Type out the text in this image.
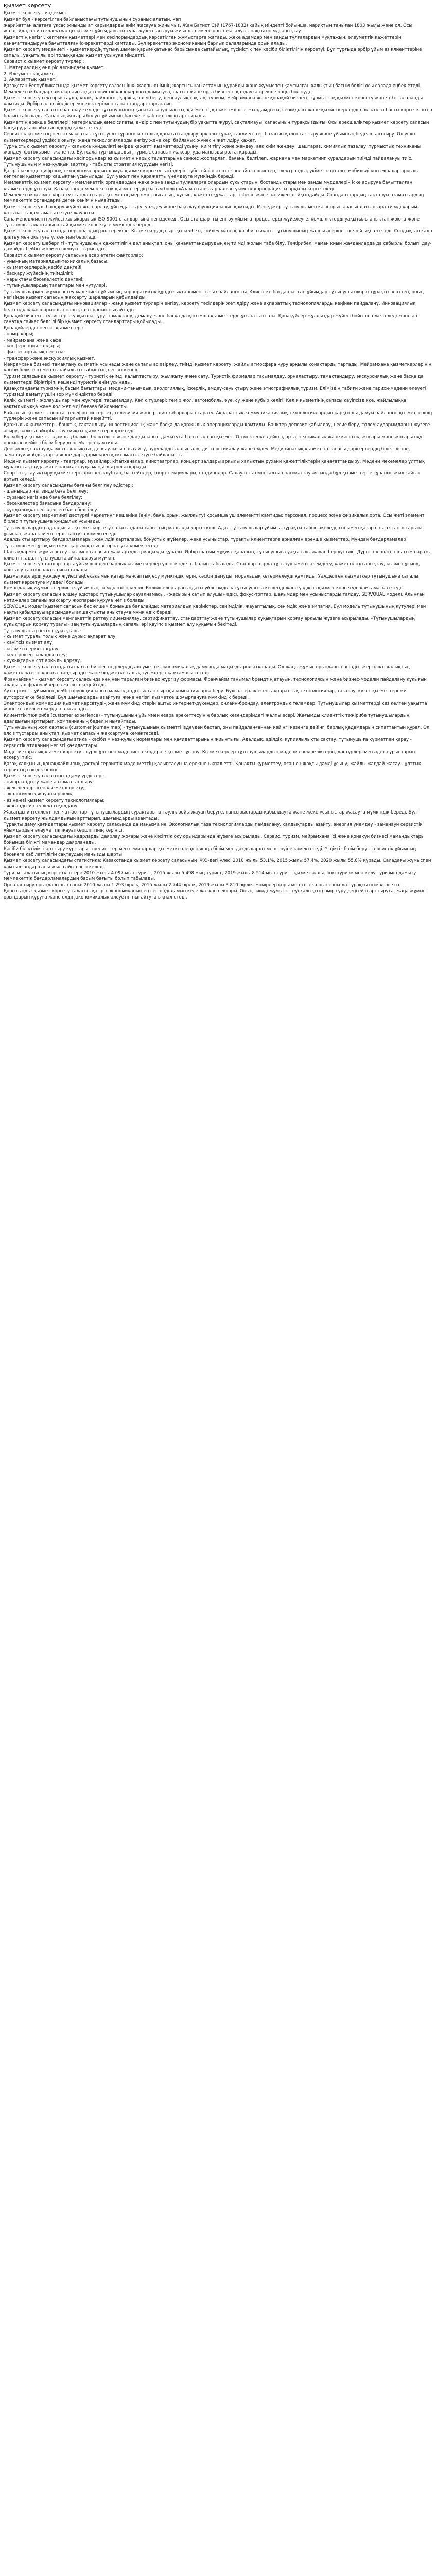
қызмет көрсету

Қызмет көрсету - индекмет

Қызмет бул - көрсетілген байланыстағы тұтынушының сұраныс алатын, көп

жарийаттан алатаға ұқсас жиынды ат карымдарды өнім жасауға жинымыз. Жан Батист Сэй (1767-1832) кайық міндетті бойынша, нарихтың таныған 1803 жылы және ол, Осы жағдайда, ол интеллектуалды қызмет ұйымдарыны тура жүзеге асыруы жиында немесе оның жасалуы - нақты өнімді анықтау.

Қызметтің негізгі, көптеген қызметтері мен кәсіпорындардың көрсетілген жұмыстарға жатады, жеке адамдар мен заңды тұлғалардың мұқтажын, әлеуметтік қажеттерін қанағаттандыруға бағытталған іс-әрекеттерді қамтиды. Бұл әрекеттер экономиканың барлық салаларында орын алады.

Қызмет көрсету мәдениеті - қызметкердің тұтынушымен қарым-қатынас барысында сыпайылық, түсіністік пен кәсіби біліктілігін көрсетуі. Бұл тұрғыда әрбір ұйым өз клиенттеріне сапалы, уақытылы әрі толыққанды қызмет ұсынуға міндетті.

Сервистік қызмет көрсету түрлері:

1. Материалдық өндіріс аясындағы қызмет.

2. Әлеуметтік қызмет.

3. Ақпараттық қызмет.

Қазақстан Республикасында қызмет көрсету саласы ішкі жалпы өнімнің жартысынан астамын құрайды және жұмыспен қамтылған халықтың басым бөлігі осы салада еңбек етеді. Мемлекеттік бағдарламалар аясында сервистік кәсіпкерлікті дамытуға, шағын және орта бизнесті қолдауға ерекше көңіл бөлінуде.

Қызмет көрсету секторы: сауда, көлік, байланыс, қаржы, білім беру, денсаулық сақтау, туризм, мейрамхана және қонақүй бизнесі, тұрмыстық қызмет көрсету және т.б. салаларды қамтиды. Әрбір сала өзіндік ерекшеліктері мен сапа стандарттарына ие.

Қызмет көрсету сапасын бағалау кезінде тұтынушының қанағаттанушылығы, қызметтің қолжетімділігі, жылдамдығы, сенімділігі және қызметкерлердің біліктілігі басты көрсеткіштер болып табылады. Сапаның жоғары болуы ұйымның бәсекеге қабілеттілігін арттырады.

Қызметтің ерекше белгілері: материалдық емес сипаты, өндіріс пен тұтынудың бір уақытта жүруі, сақталмауы, сапасының тұрақсыздығы. Осы ерекшеліктер қызмет көрсету саласын басқаруда арнайы тәсілдерді қажет етеді.

Сервистік қызметтің негізгі мақсаты - тұтынушы сұранысын толық қанағаттандыру арқылы тұрақты клиенттер базасын қалыптастыру және ұйымның беделін арттыру. Ол үшін қызметкерлерді үздіксіз оқыту, жаңа технологияларды енгізу және кері байланыс жүйесін жетілдіру қажет.

Тұрмыстық қызмет көрсету - халыққа күнделікті өмірде қажетті қызметтерді ұсыну: киім тігу және жөндеу, аяқ киім жөндеу, шаштараз, химиялық тазалау, тұрмыстық техниканы жөндеу, фотоқызмет және т.б. Бұл сала тұрғындардың тұрмыс сапасын жақсартуда маңызды рөл атқарады.

Қызмет көрсету саласындағы кәсіпорындар өз қызметін нарық талаптарына сәйкес жоспарлап, бағаны белгілеп, жарнама мен маркетинг құралдарын тиімді пайдалануы тиіс. Тұтынушының мінез-құлқын зерттеу - табысты стратегия құрудың негізі.

Қазіргі кезеңде цифрлық технологиялардың дамуы қызмет көрсету тәсілдерін түбегейлі өзгертті: онлайн-сервистер, электрондық үкімет порталы, мобильді қосымшалар арқылы көптеген қызметтер қашықтан ұсынылады. Бұл уақыт пен қаражатты үнемдеуге мүмкіндік береді.

Мемлекеттік қызмет көрсету - мемлекеттік органдардың жеке және заңды тұлғаларға олардың құқықтарын, бостандықтары мен заңды мүдделерін іске асыруға бағытталған қызметтерді ұсынуы. Қазақстанда мемлекеттік қызметтердің басым бөлігі «Азаматтарға арналған үкімет» корпорациясы арқылы көрсетіледі.

Мемлекеттік қызмет көрсету стандарттары қызметтің мерзімін, нысанын, құнын, қажетті құжаттар тізбесін және нәтижесін айқындайды. Стандарттардың сақталуы азаматтардың мемлекеттік органдарға деген сенімін нығайтады.

Қызмет көрсетуді басқару жүйесі жоспарлау, ұйымдастыру, уәждеу және бақылау функцияларын қамтиды. Менеджер тұтынушы мен кәсіпорын арасындағы өзара тиімді қарым-қатынасты қамтамасыз етуге жауапты.

Сапа менеджменті жүйесі халықаралық ISO 9001 стандартына негізделеді. Осы стандартты енгізу ұйымға процестерді жүйелеуге, кемшіліктерді уақытылы анықтап жоюға және тұтынушы талаптарына сай қызмет көрсетуге мүмкіндік береді.

Қызмет көрсету саласында персоналдың рөлі ерекше. Қызметкердің сыртқы келбеті, сөйлеу мәнері, кәсіби этикасы тұтынушының жалпы әсеріне тікелей ықпал етеді. Сондықтан кадр іріктеу мен оқытуға үлкен мән беріледі.

Қызмет көрсету шеберлігі - тұтынушының қажеттілігін дәл анықтап, оны қанағаттандырудың ең тиімді жолын таба білу. Тәжірибелі маман қиын жағдайларда да сабырлы болып, дау-дамайды бейбіт жолмен шешуге тырысады.

Сервистік қызмет көрсету сапасына әсер ететін факторлар:

- ұйымның материалдық-техникалық базасы;

- қызметкерлердің кәсіби деңгейі;

- басқару жүйесінің тиімділігі;

- нарықтағы бәсекелестік деңгейі;

- тұтынушылардың талаптары мен күтулері.

Тұтынушылармен жұмыс істеу мәдениеті ұйымның корпоративтік құндылықтарымен тығыз байланысты. Клиентке бағдарланған ұйымдар тұтынушы пікірін тұрақты зерттеп, оның негізінде қызмет сапасын жақсарту шараларын қабылдайды.

Қызмет көрсету саласындағы инновациялар - жаңа қызмет түрлерін енгізу, көрсету тәсілдерін жетілдіру және ақпараттық технологияларды кеңінен пайдалану. Инновациялық белсенділік кәсіпорынның нарықтағы орнын нығайтады.

Қонақүй бизнесі - туристерге уақытша тұру, тамақтану, демалу және басқа да қосымша қызметтерді ұсынатын сала. Қонақүйлер жұлдыздар жүйесі бойынша жіктеледі және әр санатқа сәйкес белгілі бір қызмет көрсету стандарттары қойылады.

Қонақүйлердің негізгі қызметтері:

- нөмір қоры;

- мейрамхана және кафе;

- конференция залдары;

- фитнес-орталық пен спа;

- трансфер және экскурсиялық қызмет.

Мейрамхана бизнесі тамақтану қызметін ұсынады және сапалы ас әзірлеу, тиімді қызмет көрсету, жайлы атмосфера құру арқылы қонақтарды тартады. Мейрамхана қызметкерлерінің кәсіби біліктілігі мен сыпайылығы табыстың негізгі кепілі.

Туризм саласында қызмет көрсету - туристік өнімді қалыптастыру, жылжыту және сату. Туристік фирмалар тасымалдау, орналастыру, тамақтандыру, экскурсиялық және басқа да қызметтерді біріктіріп, кешенді туристік өнім ұсынады.

Қазақстандағы туризмнің басым бағыттары: мәдени-танымдық, экологиялық, іскерлік, емдеу-сауықтыру және этнографиялық туризм. Еліміздің табиғи және тарихи-мәдени әлеуеті туризмді дамыту үшін зор мүмкіндіктер береді.

Көлік қызметі - жолаушылар мен жүктерді тасымалдау. Көлік түрлері: темір жол, автомобиль, әуе, су және құбыр көлігі. Көлік қызметінің сапасы қауіпсіздікке, жайлылыққа, уақтылылыққа және қол жетімді бағаға байланысты.

Байланыс қызметі - пошта, телефон, интернет, телевизия және радио хабарларын тарату. Ақпараттық-коммуникациялық технологиялардың қарқынды дамуы байланыс қызметтерінің түрлерін және сапасын айтарлықтай кеңейтті.

Қаржылық қызметтер - банктік, сақтандыру, инвестициялық және басқа да қаржылық операцияларды қамтиды. Банктер депозит қабылдау, несие беру, төлем аударымдарын жүзеге асыру, валюта айырбастау сияқты қызметтер көрсетеді.

Білім беру қызметі - адамның білімін, біліктілігін және дағдыларын дамытуға бағытталған қызмет. Ол мектепке дейінгі, орта, техникалық және кәсіптік, жоғары және жоғары оқу орнынан кейінгі білім беру деңгейлерін қамтиды.

Денсаулық сақтау қызметі - халықтың денсаулығын нығайту, ауруларды алдын алу, диагностикалау және емдеу. Медициналық қызметтің сапасы дәрігерлердің біліктілігіне, заманауи жабдықтарға және дәрі-дәрмекпен қамтамасыз етуге байланысты.

Мәдени қызмет көрсету - театрлар, музейлер, кітапханалар, кинотеатрлар, концерт залдары арқылы халықтың рухани қажеттіліктерін қанағаттандыру. Мәдени мекемелер ұлттық мұраны сақтауда және насихаттауда маңызды рөл атқарады.

Спорттық-сауықтыру қызметтері - фитнес-клубтар, бассейндер, спорт секциялары, стадиондар. Салауатты өмір салтын насихаттау аясында бұл қызметтерге сұраныс жыл сайын артып келеді.

Қызмет көрсету саласындағы бағаны белгілеу әдістері:

- шығындар негізінде баға белгілеу;

- сұраныс негізінде баға белгілеу;

- бәсекелестер бағасына бағдарлану;

- құндылыққа негізделген баға белгілеу.

Қызмет көрсету маркетингі дәстүрлі маркетинг кешеніне (өнім, баға, орын, жылжыту) қосымша үш элементті қамтиды: персонал, процесс және физикалық орта. Осы жеті элемент бірлесіп тұтынушыға құндылық ұсынады.

Тұтынушылардың адалдығы - қызмет көрсету саласындағы табыстың маңызды көрсеткіші. Адал тұтынушылар ұйымға тұрақты табыс әкеледі, сонымен қатар оны өз таныстарына ұсынып, жаңа клиенттерді тартуға көмектеседі.

Адалдықты арттыру бағдарламалары: жеңілдік карталары, бонустық жүйелер, жеке ұсыныстар, тұрақты клиенттерге арналған ерекше қызметтер. Мұндай бағдарламалар тұтынушымен ұзақ мерзімді қарым-қатынас орнатуға көмектеседі.

Шағымдармен жұмыс істеу - қызмет сапасын жақсартудың маңызды құралы. Әрбір шағым мұқият қаралып, тұтынушыға уақытылы жауап берілуі тиіс. Дұрыс шешілген шағым наразы клиентті адал тұтынушыға айналдыруы мүмкін.

Қызмет көрсету стандарттары ұйым ішіндегі барлық қызметкерлер үшін міндетті болып табылады. Стандарттарда тұтынушымен сәлемдесу, қажеттілігін анықтау, қызмет ұсыну, қоштасу тәртібі нақты сипатталады.

Қызметкерлерді уәждеу жүйесі еңбекақымен қатар мансаптық өсу мүмкіндіктерін, кәсіби дамуды, моральдық көтермелеуді қамтиды. Уәжделген қызметкер тұтынушыға сапалы қызмет көрсетуге мүдделі болады.

Командалық жұмыс - сервистік ұйымның тиімділігінің кепілі. Бөлімшелер арасындағы үйлесімділік тұтынушыға кешенді және үздіксіз қызмет көрсетуді қамтамасыз етеді.

Қызмет көрсету сапасын өлшеу әдістері: тұтынушылар сауалнамасы, «жасырын сатып алушы» әдісі, фокус-топтар, шағымдар мен ұсыныстарды талдау, SERVQUAL моделі. Алынған нәтижелер сапаны жақсарту жоспарын құруға негіз болады.

SERVQUAL моделі қызмет сапасын бес өлшем бойынша бағалайды: материалдық көріністер, сенімділік, жауаптылық, сенімдік және эмпатия. Бұл модель тұтынушының күтулері мен нақты қабылдауы арасындағы алшақтықты анықтауға мүмкіндік береді.

Қызмет көрсету саласын мемлекеттік реттеу лицензиялау, сертификаттау, стандарттау және тұтынушылар құқықтарын қорғау арқылы жүзеге асырылады. «Тұтынушылардың құқықтарын қорғау туралы» заң тұтынушылардың сапалы әрі қауіпсіз қызмет алу құқығын бекітеді.

Тұтынушының негізгі құқықтары:

- қызмет туралы толық және дұрыс ақпарат алу;

- қауіпсіз қызмет алу;

- қызметті еркін таңдау;

- келтірілген залалды өтеу;

- құқықтарын сот арқылы қорғау.

Қызмет көрсету саласындағы шағын бизнес өңірлердің әлеуметтік-экономикалық дамуында маңызды рөл атқарады. Ол жаңа жұмыс орындарын ашады, жергілікті халықтың қажеттіліктерін қанағаттандырады және бюджетке салық түсімдерін қамтамасыз етеді.

Франчайзинг - қызмет көрсету саласында кеңінен таралған бизнес жүргізу формасы. Франчайзи танымал брендтің атауын, технологиясын және бизнес-моделін пайдалану құқығын алады, ал франчайзер өз желісін кеңейтеді.

Аутсорсинг - ұйымның кейбір функцияларын мамандандырылған сыртқы компанияларға беру. Бухгалтерлік есеп, ақпараттық технологиялар, тазалау, күзет қызметтері жиі аутсорсингке беріледі. Бұл шығындарды азайтуға және негізгі қызметке шоғырлануға мүмкіндік береді.

Электрондық коммерция қызмет көрсетудің жаңа мүмкіндіктерін ашты: интернет-дүкендер, онлайн-брондау, электрондық төлемдер. Тұтынушылар қызметтерді кез келген уақытта және кез келген жерден ала алады.

Клиенттік тәжірибе (customer experience) - тұтынушының ұйыммен өзара әрекеттесуінің барлық кезеңдеріндегі жалпы әсері. Жағымды клиенттік тәжірибе тұтынушылардың адалдығын арттырып, компанияның беделін нығайтады.

Тұтынушының жол картасы (customer journey map) - тұтынушының қызметті іздеуден бастап, оны пайдаланғаннан кейінгі кезеңге дейінгі барлық қадамдарын сипаттайтын құрал. Ол әлсіз тұстарды анықтап, қызмет сапасын жақсартуға көмектеседі.

Қызмет көрсету саласындағы этика - кәсіби мінез-құлық нормалары мен қағидаттарының жиынтығы. Адалдық, әділдік, құпиялылықты сақтау, тұтынушыға құрметпен қарау - сервистік этиканың негізгі қағидаттары.

Мәдениетаралық қызмет көрсету - түрлі ұлт пен мәдениет өкілдеріне қызмет ұсыну. Қызметкерлер тұтынушылардың мәдени ерекшеліктерін, дәстүрлері мен әдет-ғұрыптарын ескеруі тиіс.

Қазақ халқының қонақжайлылық дәстүрі сервистік мәдениеттің қалыптасуына ерекше ықпал етті. Қонақты құрметтеу, оған ең жақсы дәмді ұсыну, жайлы жағдай жасау - ұлттық сервистің өзіндік белгісі.

Қызмет көрсету саласының даму үрдістері:

- цифрландыру және автоматтандыру;

- жекелендірілген қызмет көрсету;

- экологиялық жауапкершілік;

- өзіне-өзі қызмет көрсету технологиялары;

- жасанды интеллектті қолдану.

Жасанды интеллект пен чат-боттар тұтынушылардың сұрақтарына тәулік бойы жауап беруге, тапсырыстарды қабылдауға және жеке ұсыныстар жасауға мүмкіндік береді. Бұл қызмет көрсету жылдамдығын арттырып, шығындарды азайтады.

Тұрақты даму қағидаттары қызмет көрсету саласында да маңызға ие. Экологиялық таза технологияларды пайдалану, қалдықтарды азайту, энергия үнемдеу - заманауи сервистік ұйымдардың әлеуметтік жауапкершілігінің көрінісі.

Қызмет көрсету саласындағы кадрларды даярлау жоғары және кәсіптік оқу орындарында жүзеге асырылады. Сервис, туризм, мейрамхана ісі және қонақүй бизнесі мамандықтары бойынша білікті мамандар даярланады.

Кәсіби біліктілікті арттыру курстары, тренингтер мен семинарлар қызметкерлердің жаңа білім мен дағдыларды меңгеруіне көмектеседі. Үздіксіз білім беру - сервистік ұйымның бәсекеге қабілеттілігін сақтаудың маңызды шарты.

Қызмет көрсету саласындағы статистика: Қазақстанда қызмет көрсету саласының ІЖӨ-дегі үлесі 2010 жылы 53,1%, 2015 жылы 57,4%, 2020 жылы 55,8% құрады. Саладағы жұмыспен қамтылғандар саны жыл сайын өсіп келеді.

Туризм саласының көрсеткіштері: 2010 жылы 4 097 мың турист, 2015 жылы 5 498 мың турист, 2019 жылы 8 514 мың турист қызмет алды. Ішкі туризм мен келу туризмін дамыту мемлекеттік бағдарламалардың басым бағыты болып табылады.

Орналастыру орындарының саны: 2010 жылы 1 293 бірлік, 2015 жылы 2 744 бірлік, 2019 жылы 3 810 бірлік. Нөмірлер қоры мен төсек-орын саны да тұрақты өсім көрсетті.

Қорытынды: қызмет көрсету саласы - қазіргі экономиканың ең серпінді дамып келе жатқан секторы. Оның тиімді жұмыс істеуі халықтың өмір сүру деңгейін арттыруға, жаңа жұмыс орындарын құруға және елдің экономикалық әлеуетін нығайтуға ықпал етеді.
